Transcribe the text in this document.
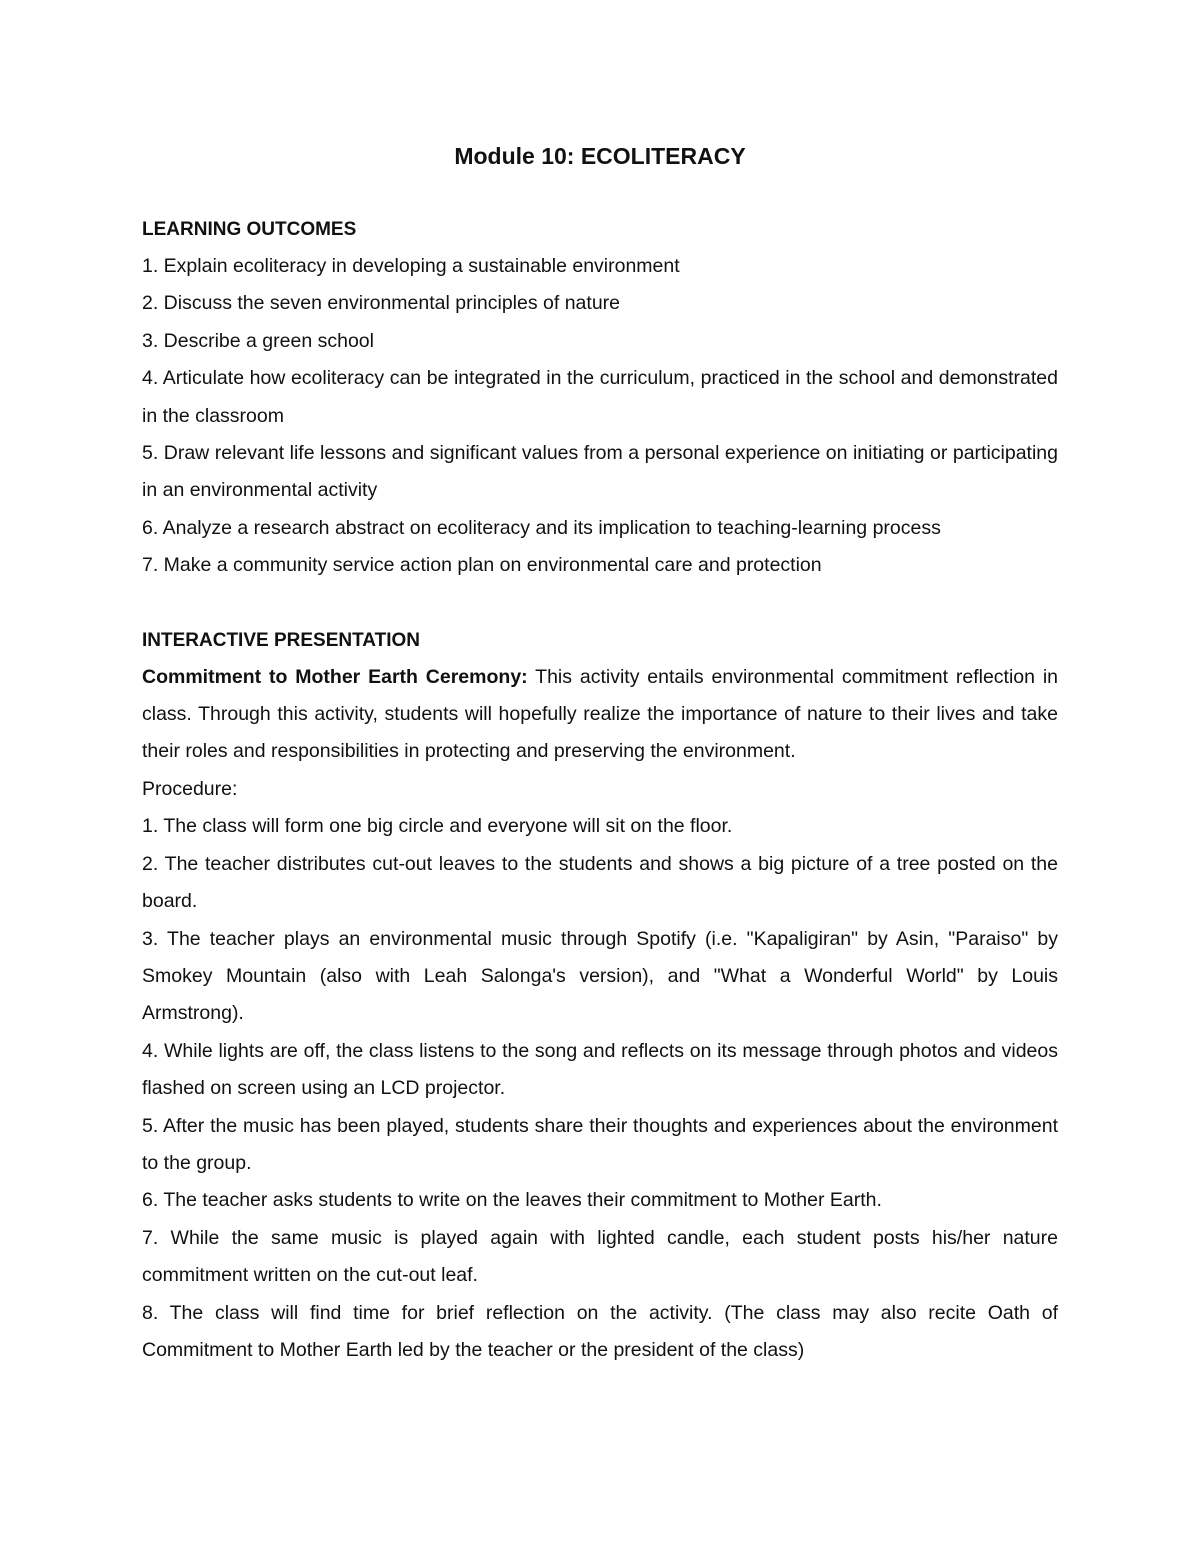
Module 10: ECOLITERACY

LEARNING OUTCOMES

1. Explain ecoliteracy in developing a sustainable environment

2. Discuss the seven environmental principles of nature

3. Describe a green school

4. Articulate how ecoliteracy can be integrated in the curriculum, practiced in the school and demonstrated in the classroom

5. Draw relevant life lessons and significant values from a personal experience on initiating or participating in an environmental activity

6. Analyze a research abstract on ecoliteracy and its implication to teaching-learning process

7. Make a community service action plan on environmental care and protection

INTERACTIVE PRESENTATION

Commitment to Mother Earth Ceremony: This activity entails environmental commitment reflection in class. Through this activity, students will hopefully realize the importance of nature to their lives and take their roles and responsibilities in protecting and preserving the environment.

Procedure:

1. The class will form one big circle and everyone will sit on the floor.

2. The teacher distributes cut-out leaves to the students and shows a big picture of a tree posted on the board.

3. The teacher plays an environmental music through Spotify (i.e. "Kapaligiran" by Asin, "Paraiso" by Smokey Mountain (also with Leah Salonga's version), and "What a Wonderful World" by Louis Armstrong).

4. While lights are off, the class listens to the song and reflects on its message through photos and videos flashed on screen using an LCD projector.

5. After the music has been played, students share their thoughts and experiences about the environment to the group.

6. The teacher asks students to write on the leaves their commitment to Mother Earth.

7. While the same music is played again with lighted candle, each student posts his/her nature commitment written on the cut-out leaf.

8. The class will find time for brief reflection on the activity. (The class may also recite Oath of Commitment to Mother Earth led by the teacher or the president of the class)
